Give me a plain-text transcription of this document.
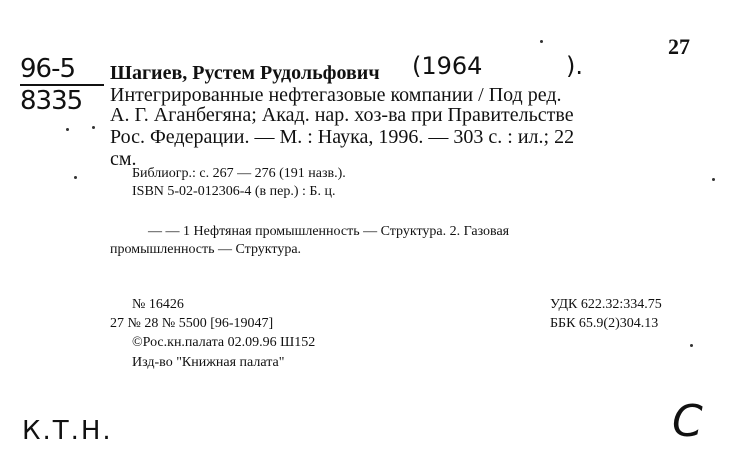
27
96-5
8335
Шагиев, Рустем Рудольфович (1964	).
Интегрированные нефтегазовые компании / Под ред.
А. Г. Аганбегяна; Акад. нар. хоз-ва при Правительстве
Рос. Федерации. — М. : Наука, 1996. — 303 с. : ил.; 22
см.
Библиогр.: с. 267 — 276 (191 назв.).
ISBN 5-02-012306-4 (в пер.) : Б. ц.
— — 1 Нефтяная промышленность — Структура. 2. Газовая
промышленность — Структура.
№ 16426
27 № 28 № 5500 [96-19047]
©Рос.кн.палата 02.09.96 Ш152
Изд-во "Книжная палата"
УДК 622.32:334.75
ББК 65.9(2)304.13
К.Т.Н.	С
